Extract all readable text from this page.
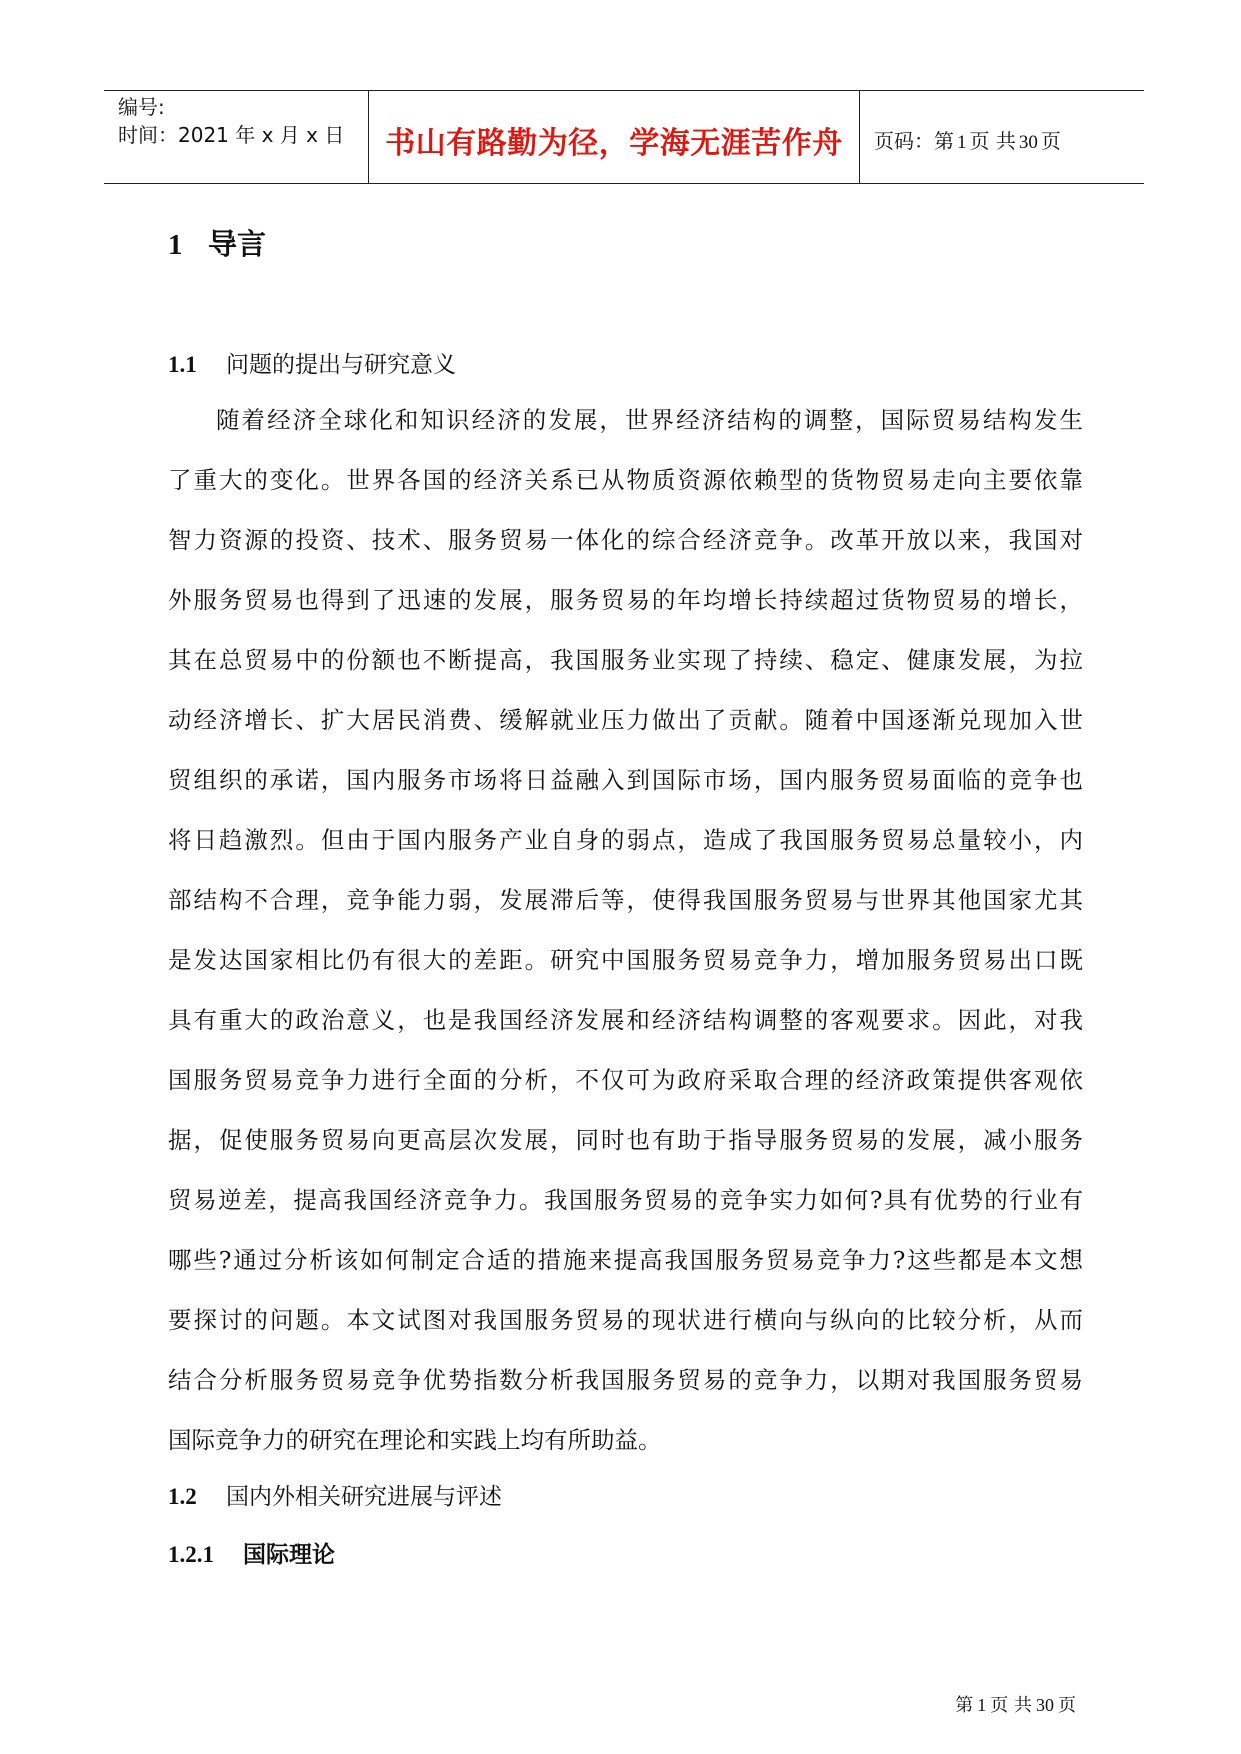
编号:
时间：2021 年 x 月 x 日	书山有路勤为径，学海无涯苦作舟	页码：第 1 页 共 30 页
1 导言
1.1 问题的提出与研究意义
随着经济全球化和知识经济的发展，世界经济结构的调整，国际贸易结构发生
了重大的变化。世界各国的经济关系已从物质资源依赖型的货物贸易走向主要依靠
智力资源的投资、技术、服务贸易一体化的综合经济竞争。改革开放以来，我国对
外服务贸易也得到了迅速的发展，服务贸易的年均增长持续超过货物贸易的增长，
其在总贸易中的份额也不断提高，我国服务业实现了持续、稳定、健康发展，为拉
动经济增长、扩大居民消费、缓解就业压力做出了贡献。随着中国逐渐兑现加入世
贸组织的承诺，国内服务市场将日益融入到国际市场，国内服务贸易面临的竞争也
将日趋激烈。但由于国内服务产业自身的弱点，造成了我国服务贸易总量较小，内
部结构不合理，竞争能力弱，发展滞后等，使得我国服务贸易与世界其他国家尤其
是发达国家相比仍有很大的差距。研究中国服务贸易竞争力，增加服务贸易出口既
具有重大的政治意义，也是我国经济发展和经济结构调整的客观要求。因此，对我
国服务贸易竞争力进行全面的分析，不仅可为政府采取合理的经济政策提供客观依
据，促使服务贸易向更高层次发展，同时也有助于指导服务贸易的发展，减小服务
贸易逆差，提高我国经济竞争力。我国服务贸易的竞争实力如何?具有优势的行业有
哪些?通过分析该如何制定合适的措施来提高我国服务贸易竞争力?这些都是本文想
要探讨的问题。本文试图对我国服务贸易的现状进行横向与纵向的比较分析，从而
结合分析服务贸易竞争优势指数分析我国服务贸易的竞争力，以期对我国服务贸易
国际竞争力的研究在理论和实践上均有所助益。
1.2 国内外相关研究进展与评述
1.2.1 国际理论
第 1 页 共 30 页
